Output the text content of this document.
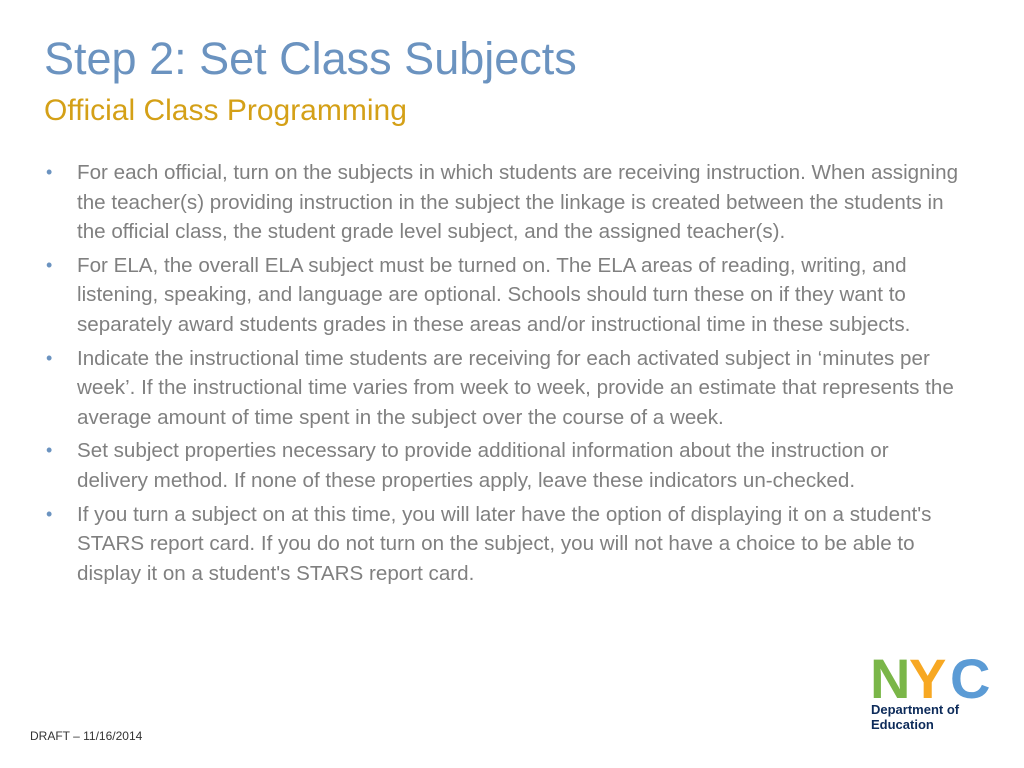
Step 2: Set Class Subjects
Official Class Programming
• For each official, turn on the subjects in which students are receiving instruction. When assigning the teacher(s) providing instruction in the subject the linkage is created between the students in the official class, the student grade level subject, and the assigned teacher(s).
• For ELA, the overall ELA subject must be turned on. The ELA areas of reading, writing, and listening, speaking, and language are optional. Schools should turn these on if they want to separately award students grades in these areas and/or instructional time in these subjects.
• Indicate the instructional time students are receiving for each activated subject in ‘minutes per week’. If the instructional time varies from week to week, provide an estimate that represents the average amount of time spent in the subject over the course of a week.
• Set subject properties necessary to provide additional information about the instruction or delivery method. If none of these properties apply, leave these indicators un-checked.
• If you turn a subject on at this time, you will later have the option of displaying it on a student's STARS report card. If you do not turn on the subject, you will not have a choice to be able to display it on a student's STARS report card.
N
Y C
Department of
Education
DRAFT – 11/16/2014
